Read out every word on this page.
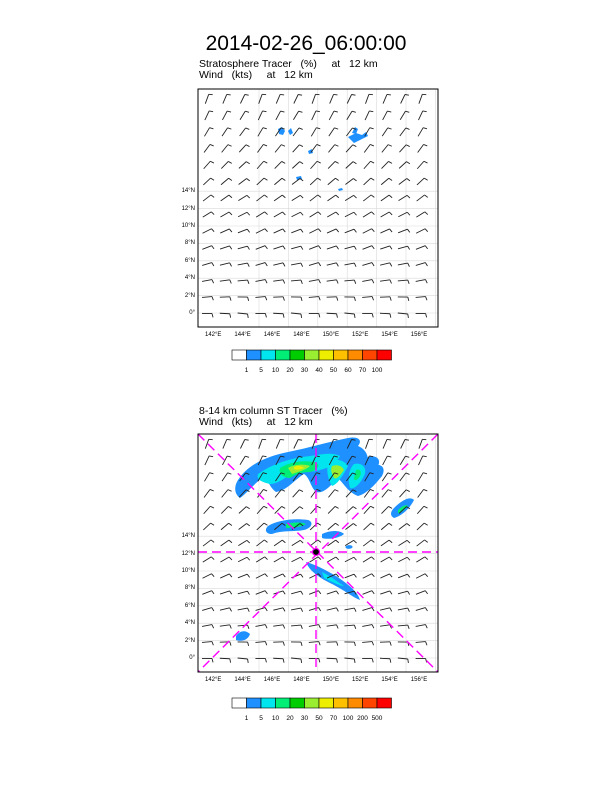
2014-02-26_06:00:00
Stratosphere Tracer   (%)     at   12 km
Wind   (kts)     at   12 km
0°
2°N
4°N
6°N
8°N
10°N
12°N
14°N
142°E 144°E 146°E 148°E 150°E 152°E 154°E 156°E
1	5	10	20	30	40	50	60	70 100
8-14 km column ST Tracer   (%)
Wind   (kts)     at   12 km
0°
2°N
4°N
6°N
8°N
10°N
12°N
14°N
142°E 144°E 146°E 148°E 150°E 152°E 154°E 156°E
1	5	10	20	30	50	70 100 200 500
